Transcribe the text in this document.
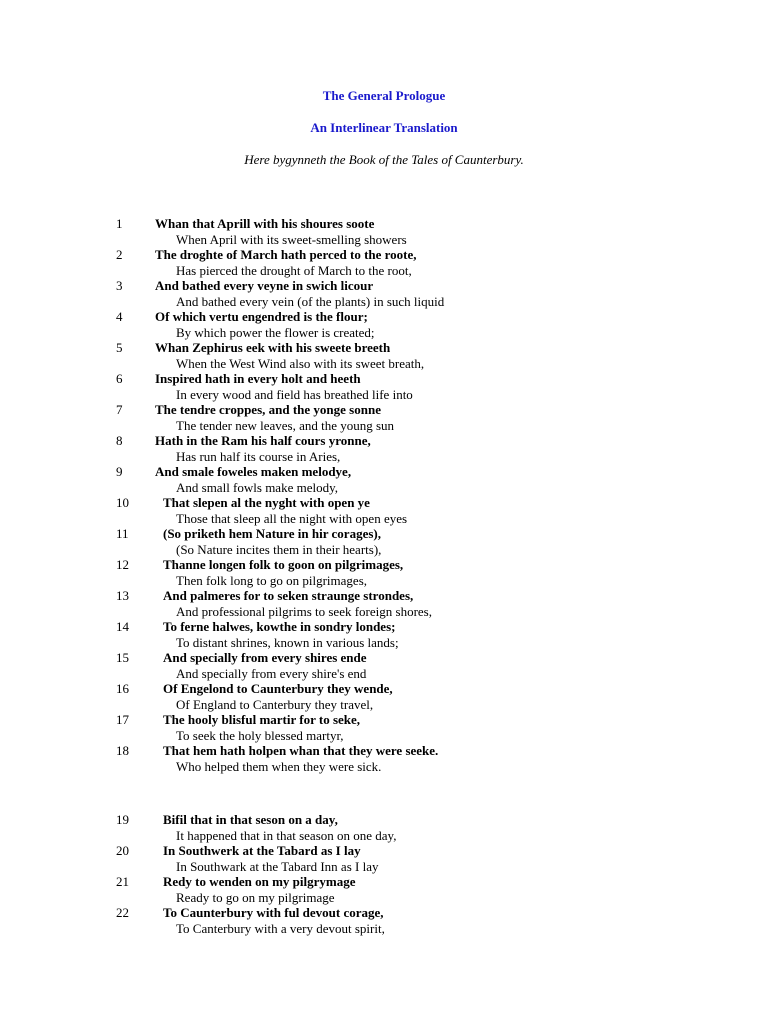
The General Prologue
An Interlinear Translation
Here bygynneth the Book of the Tales of Caunterbury.
1	Whan that Aprill with his shoures soote
When April with its sweet-smelling showers
2	The droghte of March hath perced to the roote,
Has pierced the drought of March to the root,
3	And bathed every veyne in swich licour
And bathed every vein (of the plants) in such liquid
4	Of which vertu engendred is the flour;
By which power the flower is created;
5	Whan Zephirus eek with his sweete breeth
When the West Wind also with its sweet breath,
6	Inspired hath in every holt and heeth
In every wood and field has breathed life into
7	The tendre croppes, and the yonge sonne
The tender new leaves, and the young sun
8	Hath in the Ram his half cours yronne,
Has run half its course in Aries,
9	And smale foweles maken melodye,
And small fowls make melody,
10	That slepen al the nyght with open ye
Those that sleep all the night with open eyes
11	(So priketh hem Nature in hir corages),
(So Nature incites them in their hearts),
12	Thanne longen folk to goon on pilgrimages,
Then folk long to go on pilgrimages,
13	And palmeres for to seken straunge strondes,
And professional pilgrims to seek foreign shores,
14	To ferne halwes, kowthe in sondry londes;
To distant shrines, known in various lands;
15	And specially from every shires ende
And specially from every shire's end
16	Of Engelond to Caunterbury they wende,
Of England to Canterbury they travel,
17	The hooly blisful martir for to seke,
To seek the holy blessed martyr,
18	That hem hath holpen whan that they were seeke.
Who helped them when they were sick.
19	Bifil that in that seson on a day,
It happened that in that season on one day,
20	In Southwerk at the Tabard as I lay
In Southwark at the Tabard Inn as I lay
21	Redy to wenden on my pilgrymage
Ready to go on my pilgrimage
22	To Caunterbury with ful devout corage,
To Canterbury with a very devout spirit,
